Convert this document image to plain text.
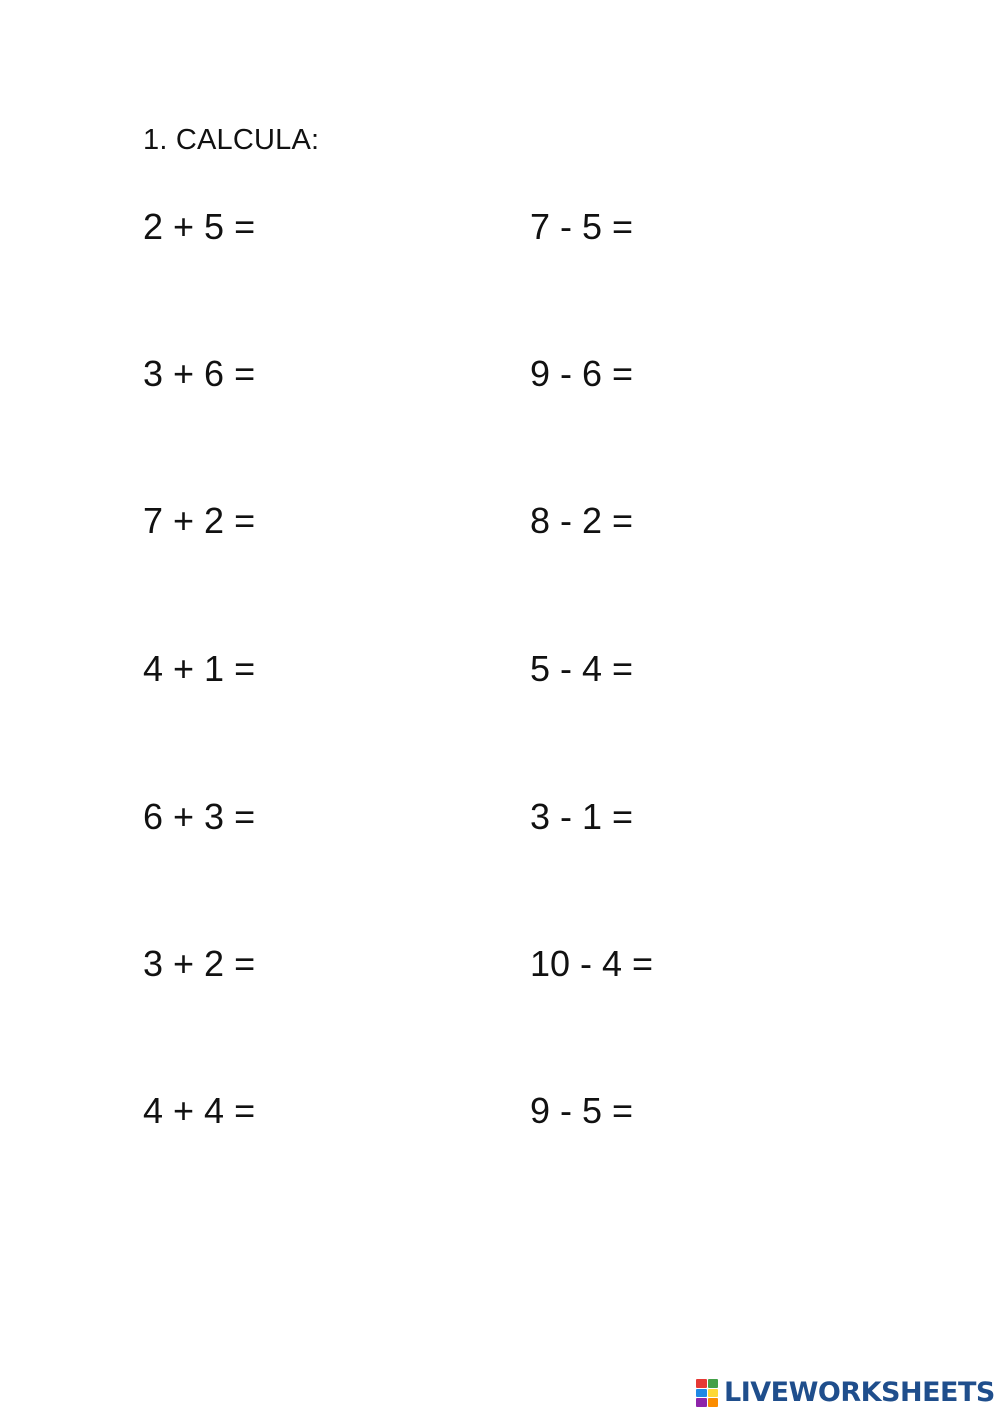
1. CALCULA:
2 + 5 =	7 - 5 =
3 + 6 =	9 - 6 =
7 + 2 =	8 - 2 =
4 + 1 =	5 - 4 =
6 + 3 =	3 - 1 =
3 + 2 =	10 - 4 =
4 + 4 =	9 - 5 =
LIVEWORKSHEETS
